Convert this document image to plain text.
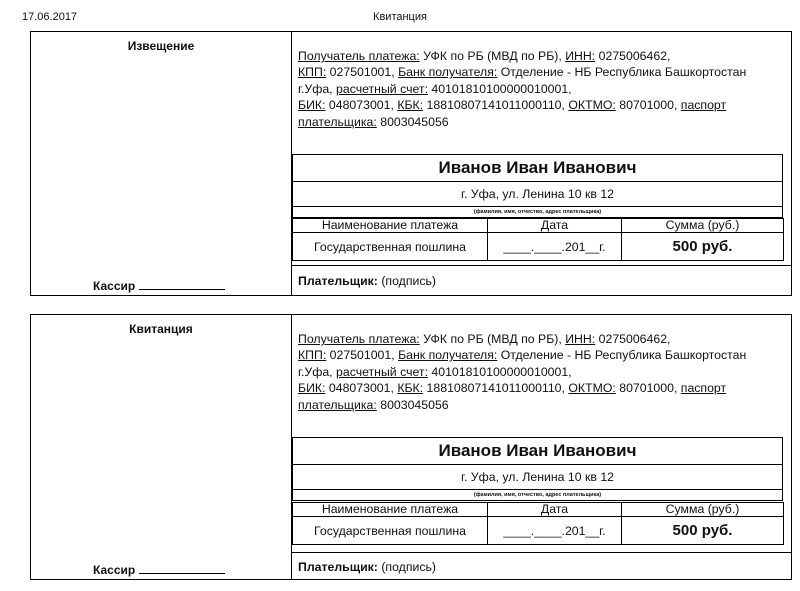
17.06.2017	Квитанция
Извещение
Кассир
Получатель платежа: УФК по РБ (МВД по РБ), ИНН: 0275006462,
КПП: 027501001, Банк получателя: Отделение - НБ Республика Башкортостан г.Уфа, расчетный счет: 40101810100000010001,
БИК: 048073001, КБК: 18810807141011000110, ОКТМО: 80701000, паспорт плательщика: 8003045056
Иванов Иван Иванович
г. Уфа, ул. Ленина 10 кв 12
(фамилия, имя, отчество, адрес плательщика)
Наименование платежа	Дата	Сумма (руб.)
Государственная пошлина	____.____.201__г.	500 руб.
Плательщик: (подпись)
Квитанция
Кассир
Получатель платежа: УФК по РБ (МВД по РБ), ИНН: 0275006462,
КПП: 027501001, Банк получателя: Отделение - НБ Республика Башкортостан г.Уфа, расчетный счет: 40101810100000010001,
БИК: 048073001, КБК: 18810807141011000110, ОКТМО: 80701000, паспорт плательщика: 8003045056
Иванов Иван Иванович
г. Уфа, ул. Ленина 10 кв 12
(фамилия, имя, отчество, адрес плательщика)
Наименование платежа	Дата	Сумма (руб.)
Государственная пошлина	____.____.201__г.	500 руб.
Плательщик: (подпись)
